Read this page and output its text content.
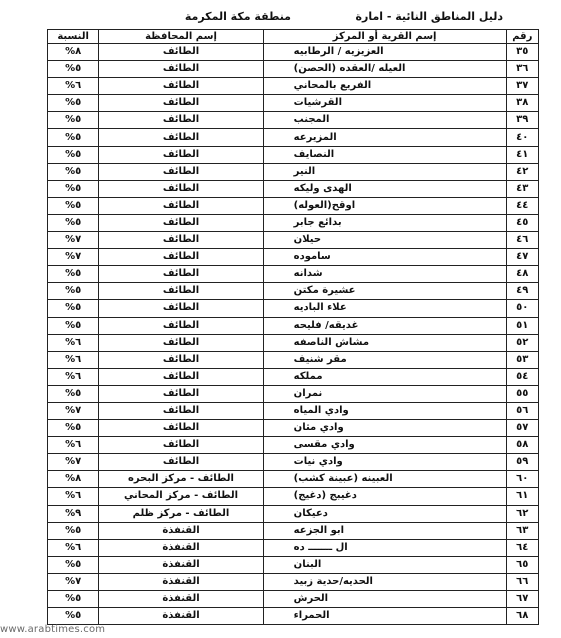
دليل المناطق النائية - امارة
منطقة مكة المكرمة
رقم	إسم القرية أو المركز	إسم المحافظة	النسبة
٣٥	العزيزيه / الرطابيه	الطائف	٨%
٣٦	العيله /العقده (الحصن)	الطائف	٥%
٣٧	الفريع بالمحاني	الطائف	٦%
٣٨	القرشيات	الطائف	٥%
٣٩	المجنب	الطائف	٥%
٤٠	المزيرعه	الطائف	٥%
٤١	النصايف	الطائف	٥%
٤٢	النير	الطائف	٥%
٤٣	الهدى وليكه	الطائف	٥%
٤٤	اوقح(العوله)	الطائف	٥%
٤٥	بدائع جابر	الطائف	٥%
٤٦	حيلان	الطائف	٧%
٤٧	ساموده	الطائف	٧%
٤٨	شدانه	الطائف	٥%
٤٩	عشيرة مكتن	الطائف	٥%
٥٠	علاء الباديه	الطائف	٥%
٥١	غديقه/ فليحه	الطائف	٥%
٥٢	مشاش الناصفه	الطائف	٦%
٥٣	مقر شنيف	الطائف	٦%
٥٤	مملكه	الطائف	٦%
٥٥	نمران	الطائف	٥%
٥٦	وادي المياه	الطائف	٧%
٥٧	وادي مثان	الطائف	٥%
٥٨	وادي مقسى	الطائف	٦%
٥٩	وادي نيات	الطائف	٧%
٦٠	العبينه (عبينة كشب)	الطائف - مركز البحره	٨%
٦١	دغيبج (دغيج)	الطائف - مركز المحاني	٦%
٦٢	دعيكان	الطائف - مركز ظلم	٩%
٦٣	ابو الجزعه	القنفذة	٥%
٦٤	ال ـــــــ ده	القنفذة	٦%
٦٥	البنان	القنفذة	٥%
٦٦	الحديه/حدية زبيد	القنفذة	٧%
٦٧	الحرش	القنفذة	٥%
٦٨	الحمراء	القنفذة	٥%
www.arabtimes.com
